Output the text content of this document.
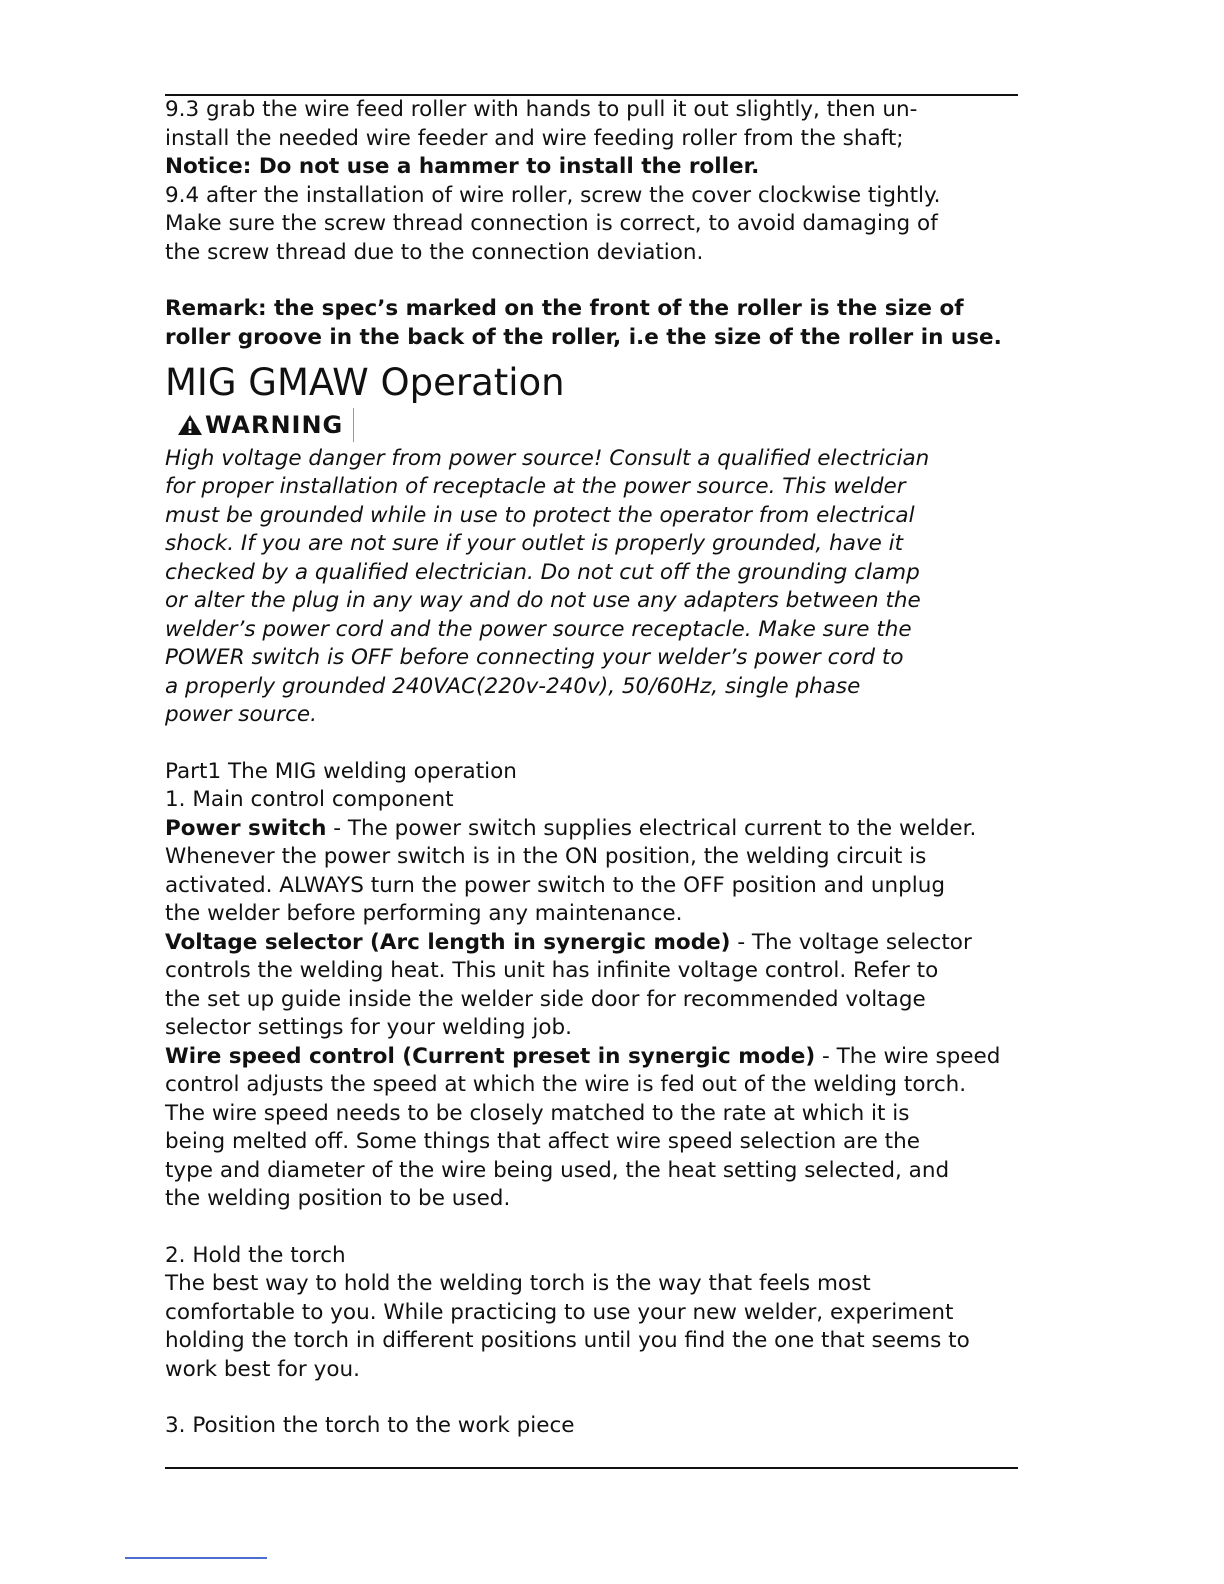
9.3 grab the wire feed roller with hands to pull it out slightly, then un-

install the needed wire feeder and wire feeding roller from the shaft;

Notice: Do not use a hammer to install the roller.

9.4 after the installation of wire roller, screw the cover clockwise tightly.

Make sure the screw thread connection is correct, to avoid damaging of

the screw thread due to the connection deviation.

Remark: the spec’s marked on the front of the roller is the size of

roller groove in the back of the roller, i.e the size of the roller in use.

MIG GMAW Operation
WARNING

High voltage danger from power source! Consult a qualified electrician

for proper installation of receptacle at the power source. This welder

must be grounded while in use to protect the operator from electrical

shock. If you are not sure if your outlet is properly grounded, have it

checked by a qualified electrician. Do not cut off the grounding clamp

or alter the plug in any way and do not use any adapters between the

welder’s power cord and the power source receptacle. Make sure the

POWER switch is OFF before connecting your welder’s power cord to

a properly grounded 240VAC(220v-240v), 50/60Hz, single phase

power source.

Part1 The MIG welding operation

1. Main control component

Power switch - The power switch supplies electrical current to the welder.

Whenever the power switch is in the ON position, the welding circuit is

activated. ALWAYS turn the power switch to the OFF position and unplug

the welder before performing any maintenance.

Voltage selector (Arc length in synergic mode) - The voltage selector

controls the welding heat. This unit has infinite voltage control. Refer to

the set up guide inside the welder side door for recommended voltage

selector settings for your welding job.

Wire speed control (Current preset in synergic mode) - The wire speed

control adjusts the speed at which the wire is fed out of the welding torch.

The wire speed needs to be closely matched to the rate at which it is

being melted off. Some things that affect wire speed selection are the

type and diameter of the wire being used, the heat setting selected, and

the welding position to be used.

2. Hold the torch

The best way to hold the welding torch is the way that feels most

comfortable to you. While practicing to use your new welder, experiment

holding the torch in different positions until you find the one that seems to

work best for you.

3. Position the torch to the work piece
